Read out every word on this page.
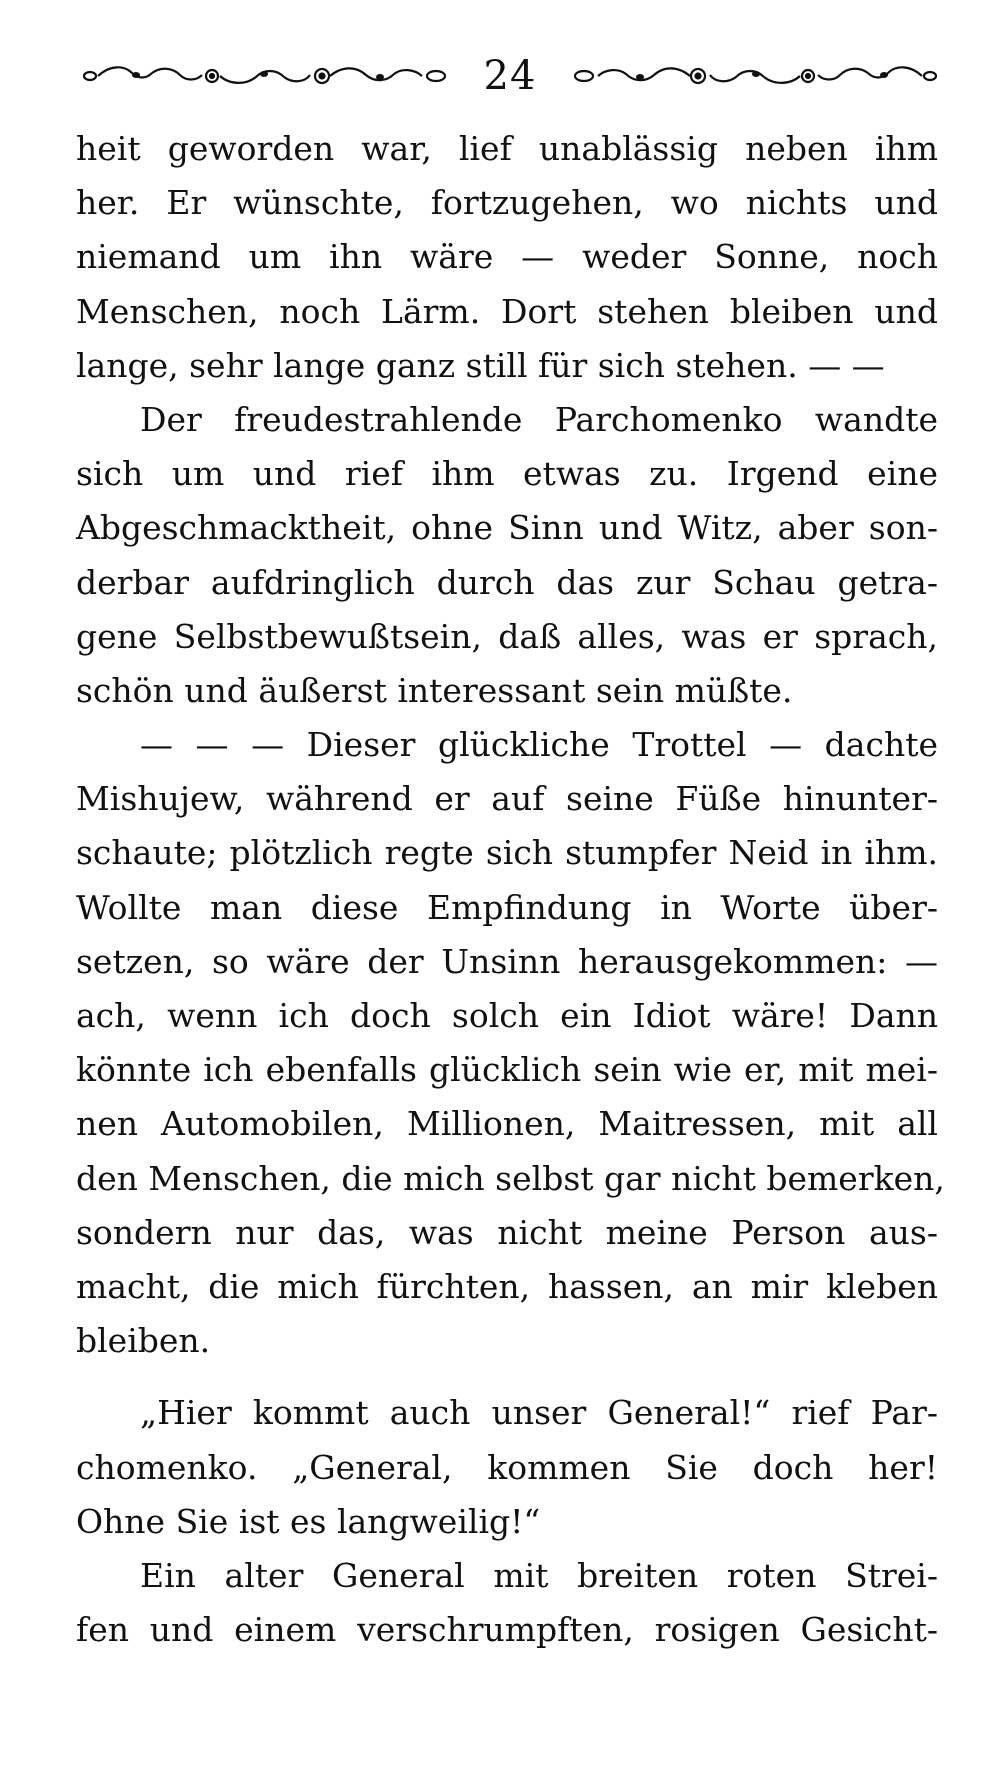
24
heit geworden war, lief unablässig neben ihm
her. Er wünschte, fortzugehen, wo nichts und
niemand um ihn wäre — weder Sonne, noch
Menschen, noch Lärm. Dort stehen bleiben und
lange, sehr lange ganz still für sich stehen. — —
Der freudestrahlende Parchomenko wandte
sich um und rief ihm etwas zu. Irgend eine
Abgeschmacktheit, ohne Sinn und Witz, aber son-
derbar aufdringlich durch das zur Schau getra-
gene Selbstbewußtsein, daß alles, was er sprach,
schön und äußerst interessant sein müßte.
— — — Dieser glückliche Trottel — dachte
Mishujew, während er auf seine Füße hinunter-
schaute; plötzlich regte sich stumpfer Neid in ihm.
Wollte man diese Empfindung in Worte über-
setzen, so wäre der Unsinn herausgekommen: —
ach, wenn ich doch solch ein Idiot wäre! Dann
könnte ich ebenfalls glücklich sein wie er, mit mei-
nen Automobilen, Millionen, Maitressen, mit all
den Menschen, die mich selbst gar nicht bemerken,
sondern nur das, was nicht meine Person aus-
macht, die mich fürchten, hassen, an mir kleben
bleiben.
„Hier kommt auch unser General!“ rief Par-
chomenko. „General, kommen Sie doch her!
Ohne Sie ist es langweilig!“
Ein alter General mit breiten roten Strei-
fen und einem verschrumpften, rosigen Gesicht-
